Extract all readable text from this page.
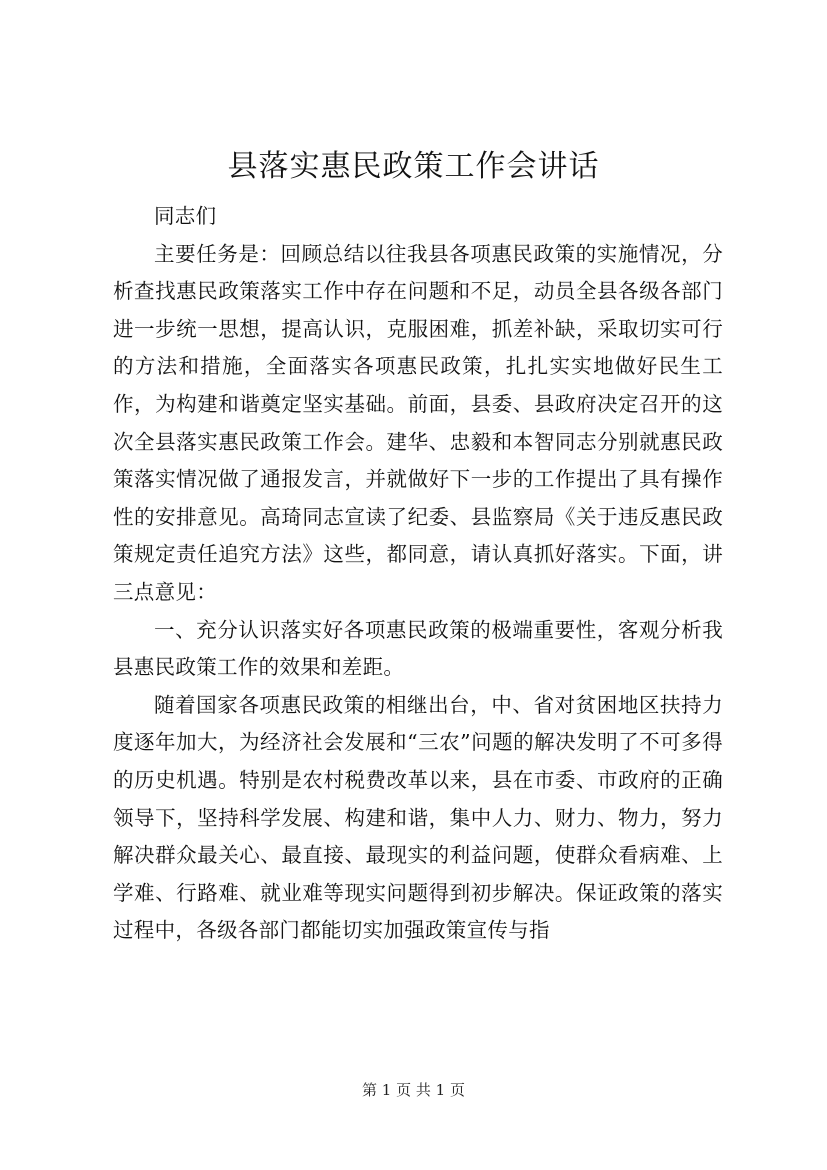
县落实惠民政策工作会讲话

同志们

主要任务是：回顾总结以往我县各项惠民政策的实施情况，分析查找惠民政策落实工作中存在问题和不足，动员全县各级各部门进一步统一思想，提高认识，克服困难，抓差补缺，采取切实可行的方法和措施，全面落实各项惠民政策，扎扎实实地做好民生工作，为构建和谐奠定坚实基础。前面，县委、县政府决定召开的这次全县落实惠民政策工作会。建华、忠毅和本智同志分别就惠民政策落实情况做了通报发言，并就做好下一步的工作提出了具有操作性的安排意见。高琦同志宣读了纪委、县监察局《关于违反惠民政策规定责任追究方法》这些，都同意，请认真抓好落实。下面，讲三点意见：

一、充分认识落实好各项惠民政策的极端重要性，客观分析我县惠民政策工作的效果和差距。

随着国家各项惠民政策的相继出台，中、省对贫困地区扶持力度逐年加大，为经济社会发展和“三农”问题的解决发明了不可多得的历史机遇。特别是农村税费改革以来，县在市委、市政府的正确领导下，坚持科学发展、构建和谐，集中人力、财力、物力，努力解决群众最关心、最直接、最现实的利益问题，使群众看病难、上学难、行路难、就业难等现实问题得到初步解决。保证政策的落实过程中，各级各部门都能切实加强政策宣传与指

第 1 页 共 1 页
